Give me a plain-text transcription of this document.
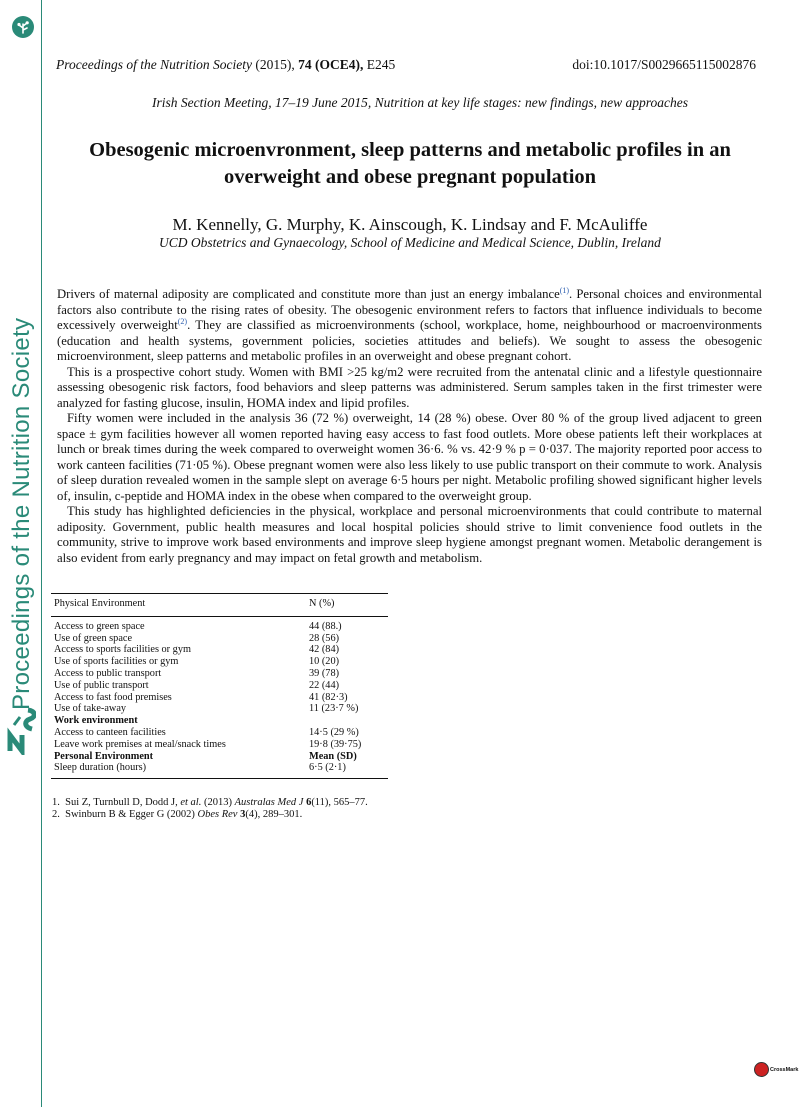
Proceedings of the Nutrition Society
Proceedings of the Nutrition Society (2015), 74 (OCE4), E245	doi:10.1017/S0029665115002876
Irish Section Meeting, 17–19 June 2015, Nutrition at key life stages: new findings, new approaches
Obesogenic microenvronment, sleep patterns and metabolic profiles in an
overweight and obese pregnant population
M. Kennelly, G. Murphy, K. Ainscough, K. Lindsay and F. McAuliffe
UCD Obstetrics and Gynaecology, School of Medicine and Medical Science, Dublin, Ireland

Drivers of maternal adiposity are complicated and constitute more than just an energy imbalance$^{(1)}$. Personal choices and environmental factors also contribute to the rising rates of obesity. The obesogenic environment refers to factors that influence individuals to become excessively overweight$^{(2)}$. They are classified as microenvironments (school, workplace, home, neighbourhood or macroenvironments (education and health systems, government policies, societies attitudes and beliefs). We sought to assess the obesogenic microenvironment, sleep patterns and metabolic profiles in an overweight and obese pregnant cohort.

This is a prospective cohort study. Women with BMI >25 kg/m2 were recruited from the antenatal clinic and a lifestyle questionnaire assessing obesogenic risk factors, food behaviors and sleep patterns was administered. Serum samples taken in the first trimester were analyzed for fasting glucose, insulin, HOMA index and lipid profiles.

Fifty women were included in the analysis 36 (72 %) overweight, 14 (28 %) obese. Over 80 % of the group lived adjacent to green space ± gym facilities however all women reported having easy access to fast food outlets. More obese patients left their workplaces at lunch or break times during the week compared to overweight women 36·6. % vs. 42·9 % p = 0·037. The majority reported poor access to work canteen facilities (71·05 %). Obese pregnant women were also less likely to use public transport on their commute to work. Analysis of sleep duration revealed women in the sample slept on average 6·5 hours per night. Metabolic profiling showed significant higher levels of, insulin, c-peptide and HOMA index in the obese when compared to the overweight group.

This study has highlighted deficiencies in the physical, workplace and personal microenvironments that could contribute to maternal adiposity. Government, public health measures and local hospital policies should strive to limit convenience food outlets in the community, strive to improve work based environments and improve sleep hygiene amongst pregnant women. Metabolic derangement is also evident from early pregnancy and may impact on fetal growth and metabolism.

Physical Environment	N (%)
Access to green space	44 (88.)
Use of green space	28 (56)
Access to sports facilities or gym	42 (84)
Use of sports facilities or gym	10 (20)
Access to public transport	39 (78)
Use of public transport	22 (44)
Access to fast food premises	41 (82·3)
Use of take-away	11 (23·7 %)
Work environment	
Access to canteen facilities	14·5 (29 %)
Leave work premises at meal/snack times	19·8 (39·75)
Personal Environment	Mean (SD)
Sleep duration (hours)	6·5 (2·1)
1. Sui Z, Turnbull D, Dodd J, et al. (2013) Australas Med J 6(11), 565–77.
2. Swinburn B & Egger G (2002) Obes Rev 3(4), 289–301.
CrossMark
